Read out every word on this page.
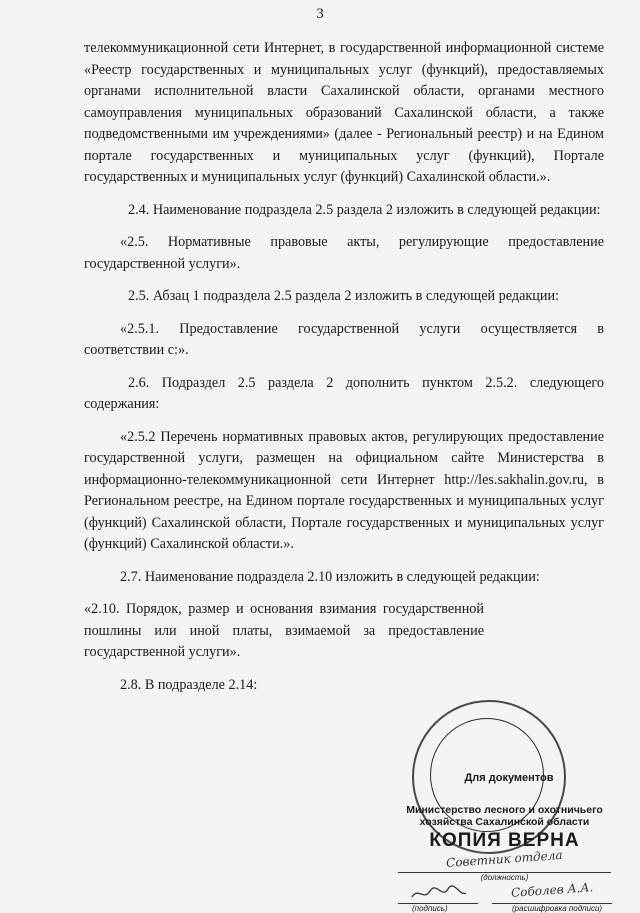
3

телекоммуникационной сети Интернет, в государственной информационной системе «Реестр государственных и муниципальных услуг (функций), предоставляемых органами исполнительной власти Сахалинской области, органами местного самоуправления муниципальных образований Сахалинской области, а также подведомственными им учреждениями» (далее - Региональный реестр) и на Едином портале государственных и муниципальных услуг (функций), Портале государственных и муниципальных услуг (функций) Сахалинской области.».

2.4. Наименование подраздела 2.5 раздела 2 изложить в следующей редакции:

«2.5. Нормативные правовые акты, регулирующие предоставление государственной услуги».

2.5. Абзац 1 подраздела 2.5 раздела 2 изложить в следующей редакции:

«2.5.1. Предоставление государственной услуги осуществляется в соответствии с:».

2.6. Подраздел 2.5 раздела 2 дополнить пунктом 2.5.2. следующего содержания:

«2.5.2 Перечень нормативных правовых актов, регулирующих предоставление государственной услуги, размещен на официальном сайте Министерства в информационно-телекоммуникационной сети Интернет http://les.sakhalin.gov.ru, в Региональном реестре, на Едином портале государственных и муниципальных услуг (функций) Сахалинской области, Портале государственных и муниципальных услуг (функций) Сахалинской области.».

2.7. Наименование подраздела 2.10 изложить в следующей редакции:

«2.10. Порядок, размер и основания взимания государственной пошлины или иной платы, взимаемой за предоставление государственной услуги».

2.8. В подразделе 2.14:

Для документов
Министерство лесного и охотничьего хозяйства Сахалинской области
КОПИЯ ВЕРНА
Советник отдела
(должность)
Соболев А.А.
(подпись)	(расшифровка подписи)
